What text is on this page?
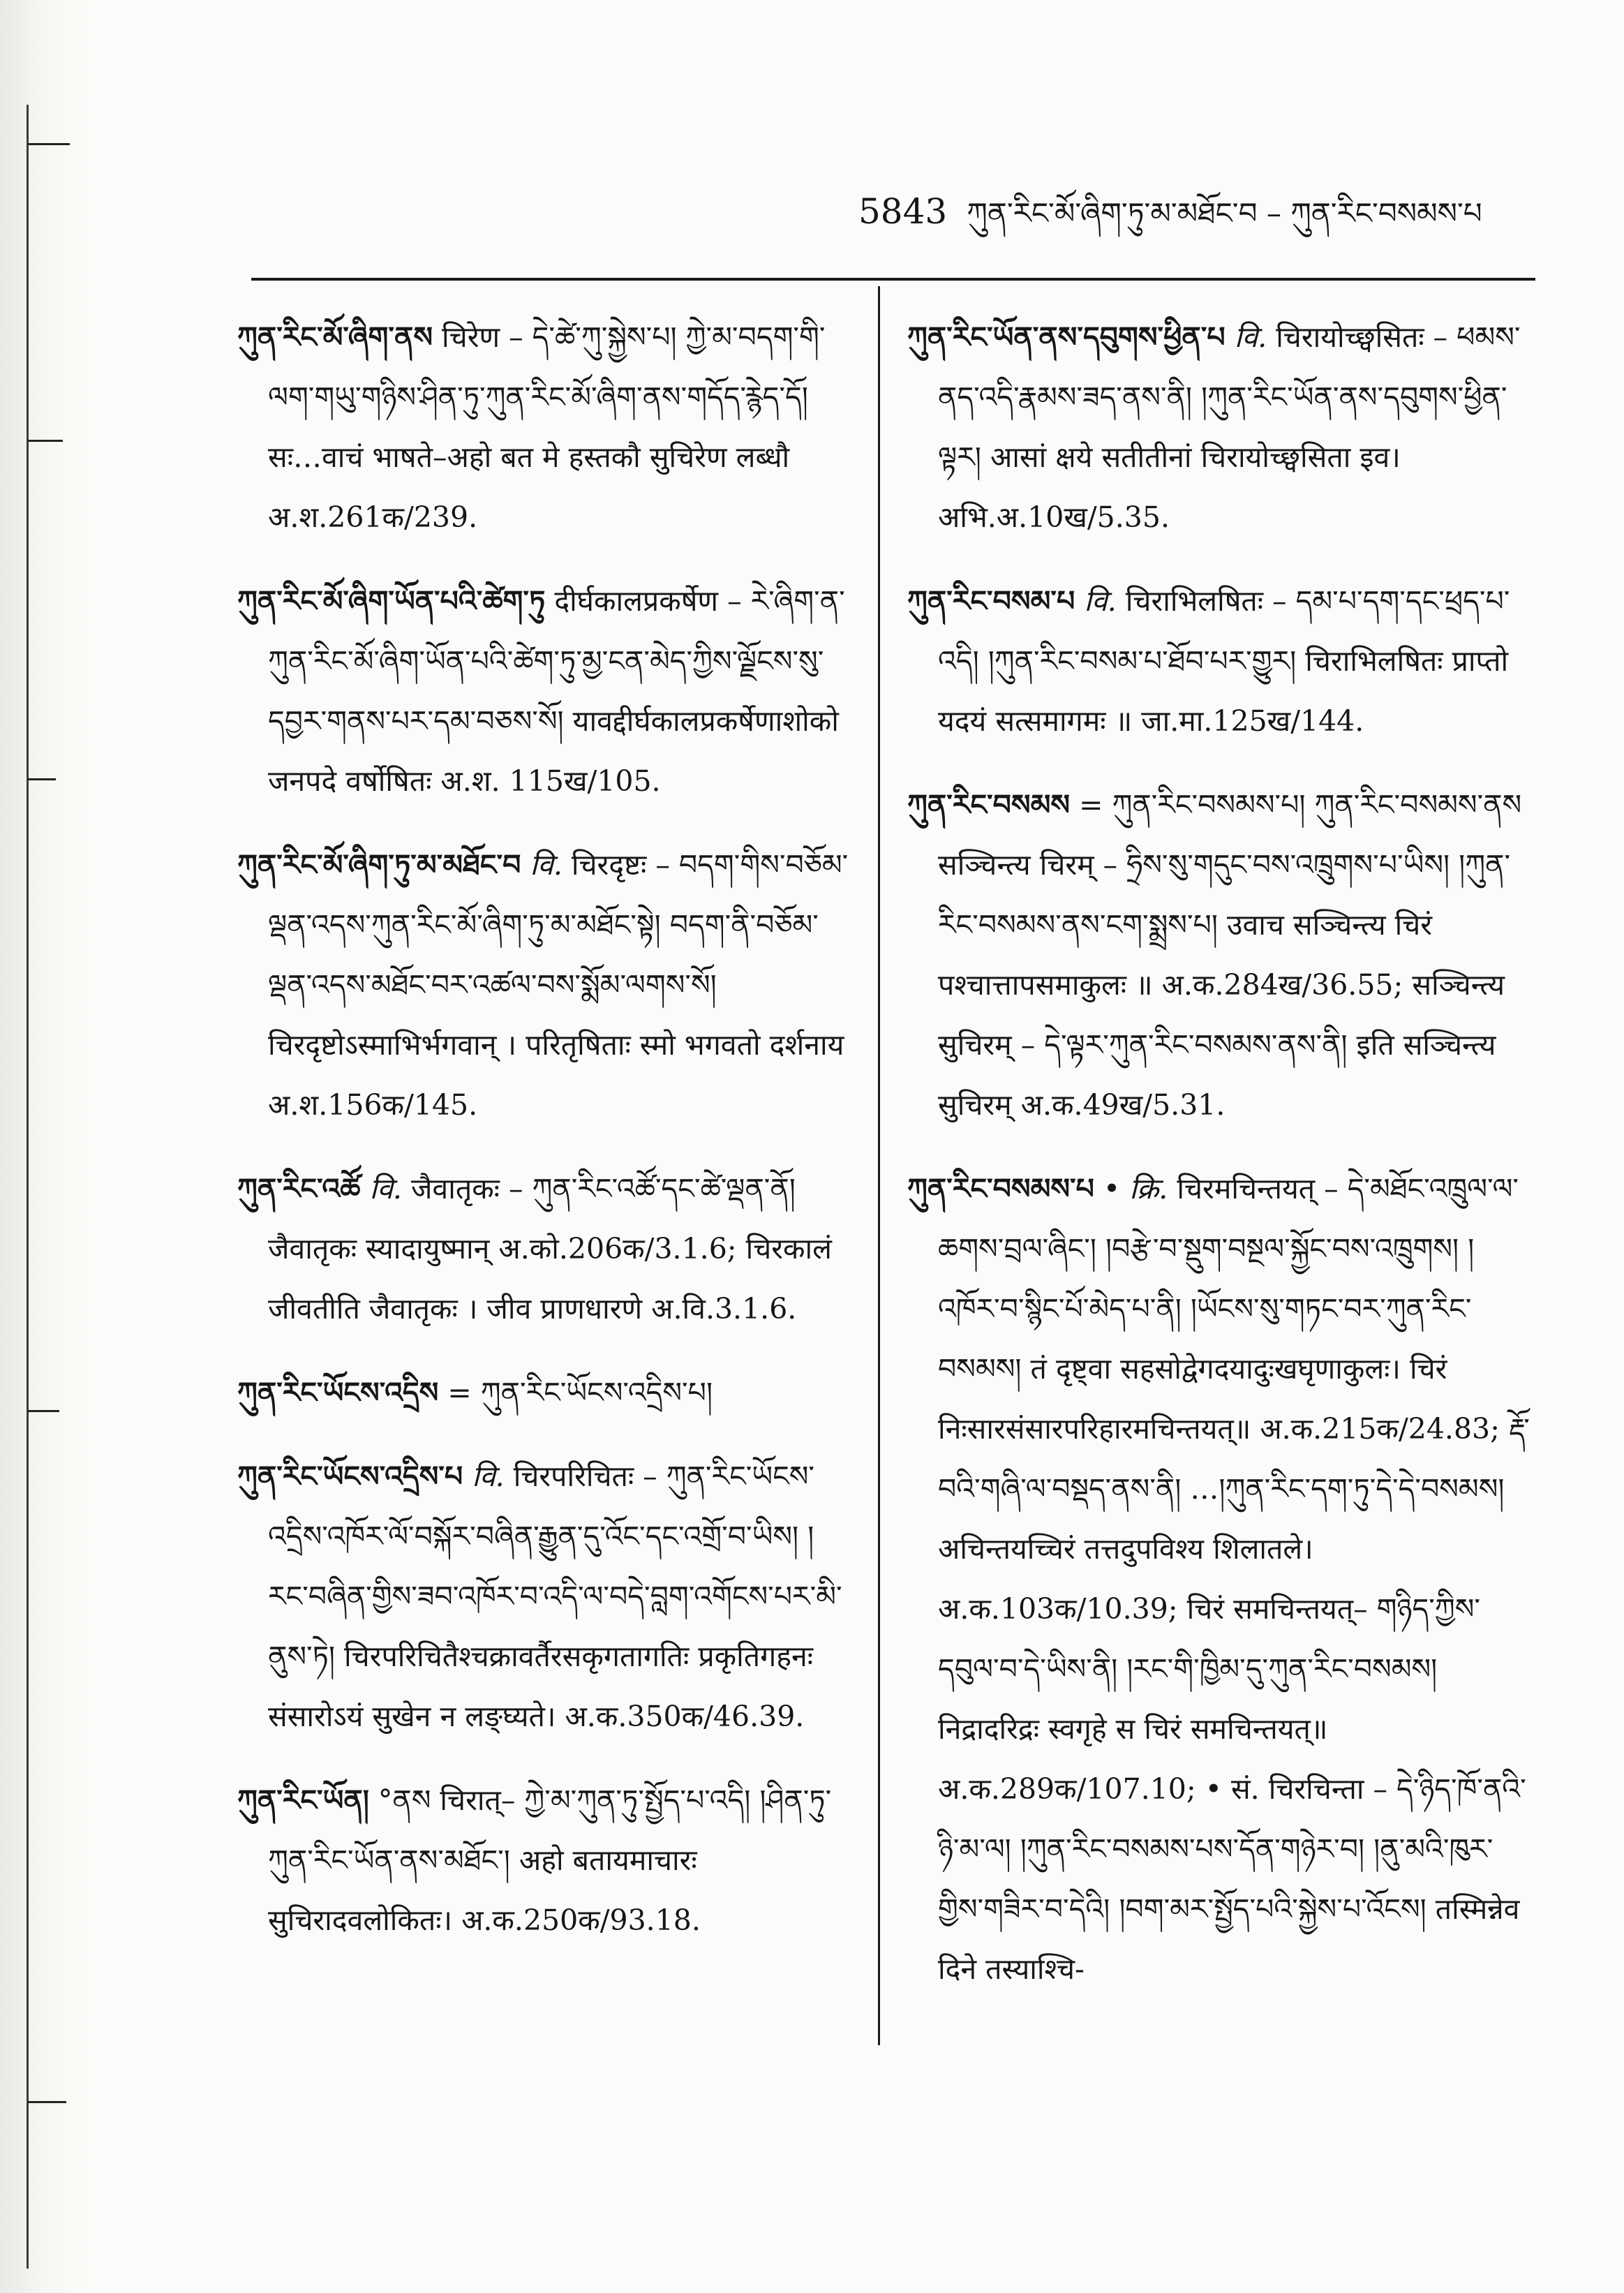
5843 ཀུན་རིང་མོ་ཞིག་ཏུ་མ་མཐོང་བ – ཀུན་རིང་བསམས་པ

ཀུན་རིང་མོ་ཞིག་ནས चिरेण – དེ་ཚེ་ཀུ་སྐྱེས་པ། ཀྱེ་མ་བདག་གི་ལག་གཡུ་གཉིས་ཤིན་ཏུ་ཀུན་རིང་མོ་ཞིག་ནས་གདོད་རྙེད་དོ། सः…वाचं भाषते–अहो बत मे हस्तकौ सुचिरेण लब्धौ अ.श.261क/239.

ཀུན་རིང་མོ་ཞིག་ཡོན་པའི་ཚེག་ཏུ दीर्घकालप्रकर्षेण – རེ་ཞིག་ན་ཀུན་རིང་མོ་ཞིག་ཡོན་པའི་ཚེག་ཏུ་མྱ་ངན་མེད་ཀྱིས་ལྗོངས་སུ་དབྱར་གནས་པར་དམ་བཅས་སོ། यावद्दीर्घकालप्रकर्षेणाशोको जनपदे वर्षोषितः अ.श. 115ख/105.

ཀུན་རིང་མོ་ཞིག་ཏུ་མ་མཐོང་བ वि. चिरदृष्टः – བདག་གིས་བཅོམ་ལྡན་འདས་ཀུན་རིང་མོ་ཞིག་ཏུ་མ་མཐོང་སྟེ། བདག་ནི་བཅོམ་ལྡན་འདས་མཐོང་བར་འཚལ་བས་སྨོམ་ལགས་སོ། चिरदृष्टोऽस्माभिर्भगवान् । परितृषिताः स्मो भगवतो दर्शनाय अ.श.156क/145.

ཀུན་རིང་འཚོ वि. जैवातृकः – ཀུན་རིང་འཚོ་དང་ཚེ་ལྡན་ནོ། जैवातृकः स्यादायुष्मान् अ.को.206क/3.1.6; चिरकालं जीवतीति जैवातृकः । जीव प्राणधारणे अ.वि.3.1.6.

ཀུན་རིང་ཡོངས་འདྲིས = ཀུན་རིང་ཡོངས་འདྲིས་པ།

ཀུན་རིང་ཡོངས་འདྲིས་པ वि. चिरपरिचितः – ཀུན་རིང་ཡོངས་འདྲིས་འཁོར་ལོ་བསྐོར་བཞིན་རྒྱུན་དུ་འོང་དང་འགྲོ་བ་ཡིས། །རང་བཞིན་གྱིས་ཟབ་འཁོར་བ་འདི་ལ་བདེ་བླག་འགོངས་པར་མི་ནུས་ཏེ། चिरपरिचितैश्चक्रावर्तैरसकृगतागतिः प्रकृतिगहनः संसारोऽयं सुखेन न लङ्घ्यते। अ.क.350क/46.39.

ཀུན་རིང་ཡོན། °ནས चिरात्– ཀྱེ་མ་ཀུན་ཏུ་སྤྱོད་པ་འདི། །ཤིན་ཏུ་ཀུན་རིང་ཡོན་ནས་མཐོང་། अहो बतायमाचारः सुचिरादवलोकितः। अ.क.250क/93.18.

ཀུན་རིང་ཡོན་ནས་དབུགས་ཕྱིན་པ वि. चिरायोच्छ्वसितः – ཕམས་ནད་འདི་རྣམས་ཟད་ནས་ནི། །ཀུན་རིང་ཡོན་ནས་དབུགས་ཕྱིན་ལྟར། आसां क्षये सतीतीनां चिरायोच्छ्वसिता इव। अभि.अ.10ख/5.35.

ཀུན་རིང་བསམ་པ वि. चिराभिलषितः – དམ་པ་དག་དང་ཕྲད་པ་འདི། །ཀུན་རིང་བསམ་པ་ཐོབ་པར་གྱུར། चिराभिलषितः प्राप्तो यदयं सत्समागमः ॥ जा.मा.125ख/144.

ཀུན་རིང་བསམས = ཀུན་རིང་བསམས་པ། ཀུན་རིང་བསམས་ནས सञ्चिन्त्य चिरम् – ཧྲིས་སུ་གདུང་བས་འཁྲུགས་པ་ཡིས། །ཀུན་རིང་བསམས་ནས་ངག་སྨྲས་པ། उवाच सञ्चिन्त्य चिरं पश्चात्तापसमाकुलः ॥ अ.क.284ख/36.55; सञ्चिन्त्य सुचिरम् – དེ་ལྟར་ཀུན་རིང་བསམས་ནས་ནི། इति सञ्चिन्त्य सुचिरम् अ.क.49ख/5.31.

ཀུན་རིང་བསམས་པ • क्रि. चिरमचिन्तयत् – དེ་མཐོང་འཁྲུལ་ལ་ཆགས་བྲལ་ཞིང་། །བརྩེ་བ་སྡུག་བསྔལ་སྐྱོང་བས་འཁྲུགས། །འཁོར་བ་སྙིང་པོ་མེད་པ་ནི། །ཡོངས་སུ་གཏང་བར་ཀུན་རིང་བསམས། तं दृष्ट्वा सहसोद्वेगदयादुःखघृणाकुलः। चिरं निःसारसंसारपरिहारमचिन्तयत्॥ अ.क.215क/24.83; རྡོ་བའི་གཞི་ལ་བསྡད་ནས་ནི། …།ཀུན་རིང་དག་ཏུ་དེ་དེ་བསམས། अचिन्तयच्चिरं तत्तदुपविश्य शिलातले। अ.क.103क/10.39; चिरं समचिन्तयत्– གཉིད་ཀྱིས་དབུལ་བ་དེ་ཡིས་ནི། །རང་གི་ཁྱིམ་དུ་ཀུན་རིང་བསམས། निद्रादरिद्रः स्वगृहे स चिरं समचिन्तयत्॥ अ.क.289क/107.10; • सं. चिरचिन्ता – དེ་ཉིད་ཁོ་ནའི་ཉི་མ་ལ། །ཀུན་རིང་བསམས་པས་དོན་གཉེར་བ། །ནུ་མའི་ཁུར་གྱིས་གཟིར་བ་དེའི། །བག་མར་སྤྱོད་པའི་སྐྱེས་པ་འོངས། तस्मिन्नेव दिने तस्याश्चि-
